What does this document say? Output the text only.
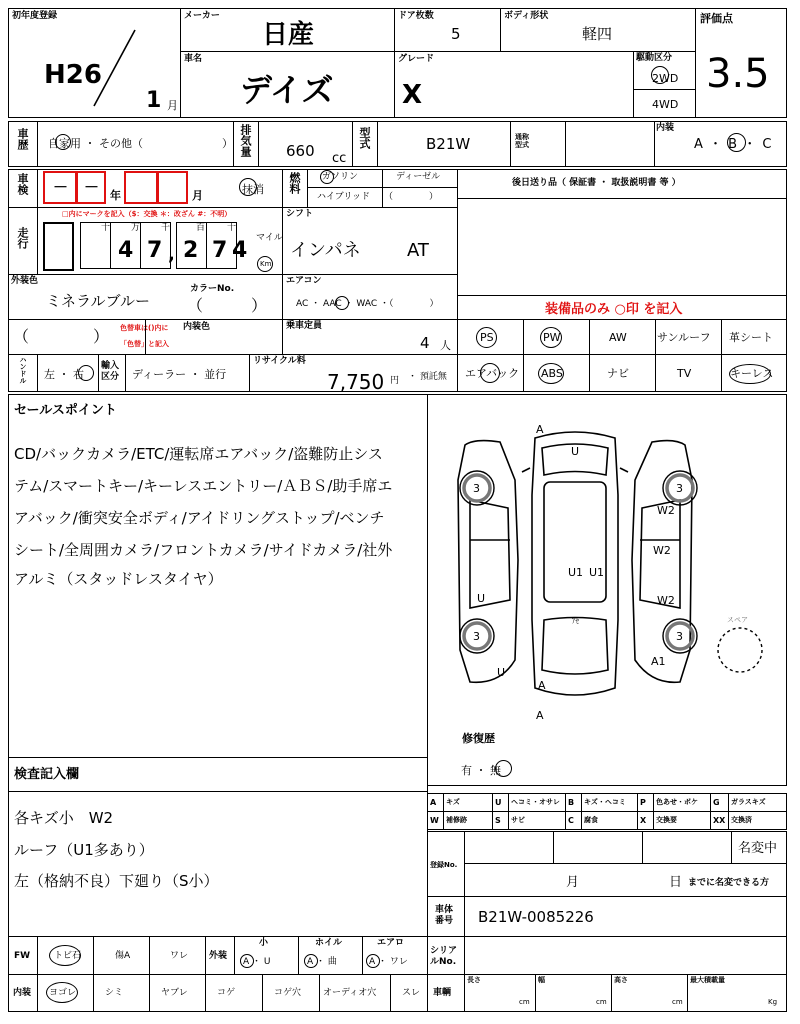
初年度登録
H26
1 月
メーカー
日産
ドア枚数
5
ボディ形状
軽四
評価点
3.5
車名
デイズ
グレード
X
駆動区分
2WD
4WD
車歴 自家用 ・ その他（	） 排気量 660 cc
型式	B21W	通称型式
内装
A ・ B ・ C
車検 － － 年	月	抹消 燃料 ガソリン	ディーゼル
ハイブリッド （　　　　）
後日送り品（ 保証書 ・ 取扱説明書 等 ）
走行
□内にマークを記入（$：交換 ＊：改ざん #：不明）
十 万 千	百 十
4 7 , 2 7 4 マイル
Km
シフト
インパネ	AT
外装色
ミネラルブルー
カラーNo.
（　　　）
エアコン
AC ・ AAC ・ WAC ・（　　　　）	装備品のみ ○印 を記入
（　　　　） 色替車は()内に
「色替」と記入
内装色	乗車定員
4 人
PS	PW	AW	サンルーフ 革シート
ハンドル 左 ・ 右
輸入区分	ディーラー ・ 並行
リサイクル料
7,750 円 ・ 預託無 エアバック ABS	ナビ	TV	キーレス
セールスポイント
CD/バックカメラ/ETC/運転席エアバック/盗難防止シス
テム/スマートキー/キーレスエントリー/ＡＢＳ/助手席エ
アバック/衝突安全ボディ/アイドリングストップ/ベンチ
シート/全周囲カメラ/フロントカメラ/サイドカメラ/社外
アルミ（スタッドレスタイヤ）
A
U
3	3
W2
W2
U1 U1
U	W2
ｱｾ
3	3
A1
U
A
A
スペア
修復歴
有 ・ 無
検査記入欄
各キズ小　W2
ルーフ（U1多あり）
左（格納不良）下廻り（S小）
A キズ	U ヘコミ・オサレ B キズ・ヘコミ P 色あせ・ボケ G ガラスキズ
W 補修跡	S サビ	C 腐食	X 交換要	XX 交換済
登録No.
名変中
月	日 までに名変できる方
車体番号 B21W-0085226
シリアルNo.
FW	トビ石	傷A	ワレ 外装
小
A ・ U
ホイル
A ・ 曲
エアロ
A ・ ワレ
内装 ヨゴレ	シミ	ヤブレ	コゲ	コゲ穴 オーディオ穴	スレ 車輌
長さ
cm
幅
cm
高さ
cm
最大積載量
Kg
